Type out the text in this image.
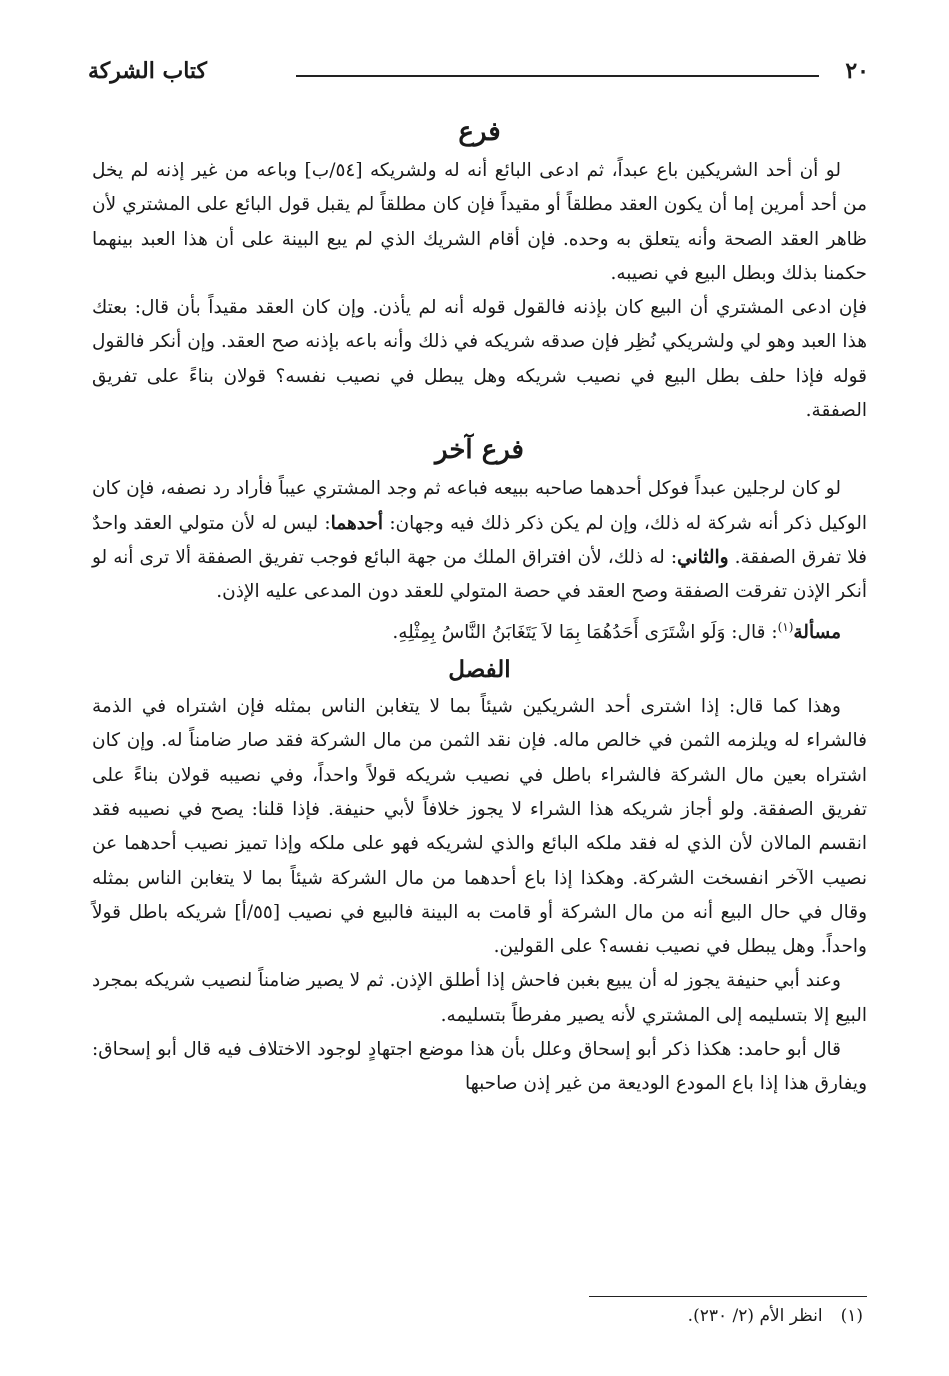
٢٠
كتاب الشركة
فرع

لو أن أحد الشريكين باع عبداً، ثم ادعى البائع أنه له ولشريكه [٥٤/ب] وباعه من غير إذنه لم يخل من أحد أمرين إما أن يكون العقد مطلقاً أو مقيداً فإن كان مطلقاً لم يقبل قول البائع على المشتري لأن ظاهر العقد الصحة وأنه يتعلق به وحده. فإن أقام الشريك الذي لم يبع البينة على أن هذا العبد بينهما حكمنا بذلك وبطل البيع في نصيبه.

فإن ادعى المشتري أن البيع كان بإذنه فالقول قوله أنه لم يأذن. وإن كان العقد مقيداً بأن قال: بعتك هذا العبد وهو لي ولشريكي نُظِر فإن صدقه شريكه في ذلك وأنه باعه بإذنه صح العقد. وإن أنكر فالقول قوله فإذا حلف بطل البيع في نصيب شريكه وهل يبطل في نصيب نفسه؟ قولان بناءً على تفريق الصفقة.

فرع آخر

لو كان لرجلين عبداً فوكل أحدهما صاحبه ببيعه فباعه ثم وجد المشتري عيباً فأراد رد نصفه، فإن كان الوكيل ذكر أنه شركة له ذلك، وإن لم يكن ذكر ذلك فيه وجهان: أحدهما: ليس له لأن متولي العقد واحدٌ فلا تفرق الصفقة. والثاني: له ذلك، لأن افتراق الملك من جهة البائع فوجب تفريق الصفقة ألا ترى أنه لو أنكر الإذن تفرقت الصفقة وصح العقد في حصة المتولي للعقد دون المدعى عليه الإذن.

مسألة$^{(١)}$: قال: وَلَو اشْتَرَى أَحَدُهُمَا بِمَا لاَ يَتَغَابَنُ النَّاسُ بِمِثْلِهِ.

الفصل

وهذا كما قال: إذا اشترى أحد الشريكين شيئاً بما لا يتغابن الناس بمثله فإن اشتراه في الذمة فالشراء له ويلزمه الثمن في خالص ماله. فإن نقد الثمن من مال الشركة فقد صار ضامناً له. وإن كان اشتراه بعين مال الشركة فالشراء باطل في نصيب شريكه قولاً واحداً، وفي نصيبه قولان بناءً على تفريق الصفقة. ولو أجاز شريكه هذا الشراء لا يجوز خلافاً لأبي حنيفة. فإذا قلنا: يصح في نصيبه فقد انقسم المالان لأن الذي له فقد ملكه البائع والذي لشريكه فهو على ملكه وإذا تميز نصيب أحدهما عن نصيب الآخر انفسخت الشركة. وهكذا إذا باع أحدهما من مال الشركة شيئاً بما لا يتغابن الناس بمثله وقال في حال البيع أنه من مال الشركة أو قامت به البينة فالبيع في نصيب [٥٥/أ] شريكه باطل قولاً واحداً. وهل يبطل في نصيب نفسه؟ على القولين.

وعند أبي حنيفة يجوز له أن يبيع بغبن فاحش إذا أطلق الإذن. ثم لا يصير ضامناً لنصيب شريكه بمجرد البيع إلا بتسليمه إلى المشتري لأنه يصير مفرطاً بتسليمه.

قال أبو حامد: هكذا ذكر أبو إسحاق وعلل بأن هذا موضع اجتهادٍ لوجود الاختلاف فيه قال أبو إسحاق: ويفارق هذا إذا باع المودع الوديعة من غير إذن صاحبها

(١)انظر الأم (٢/ ٢٣٠).
